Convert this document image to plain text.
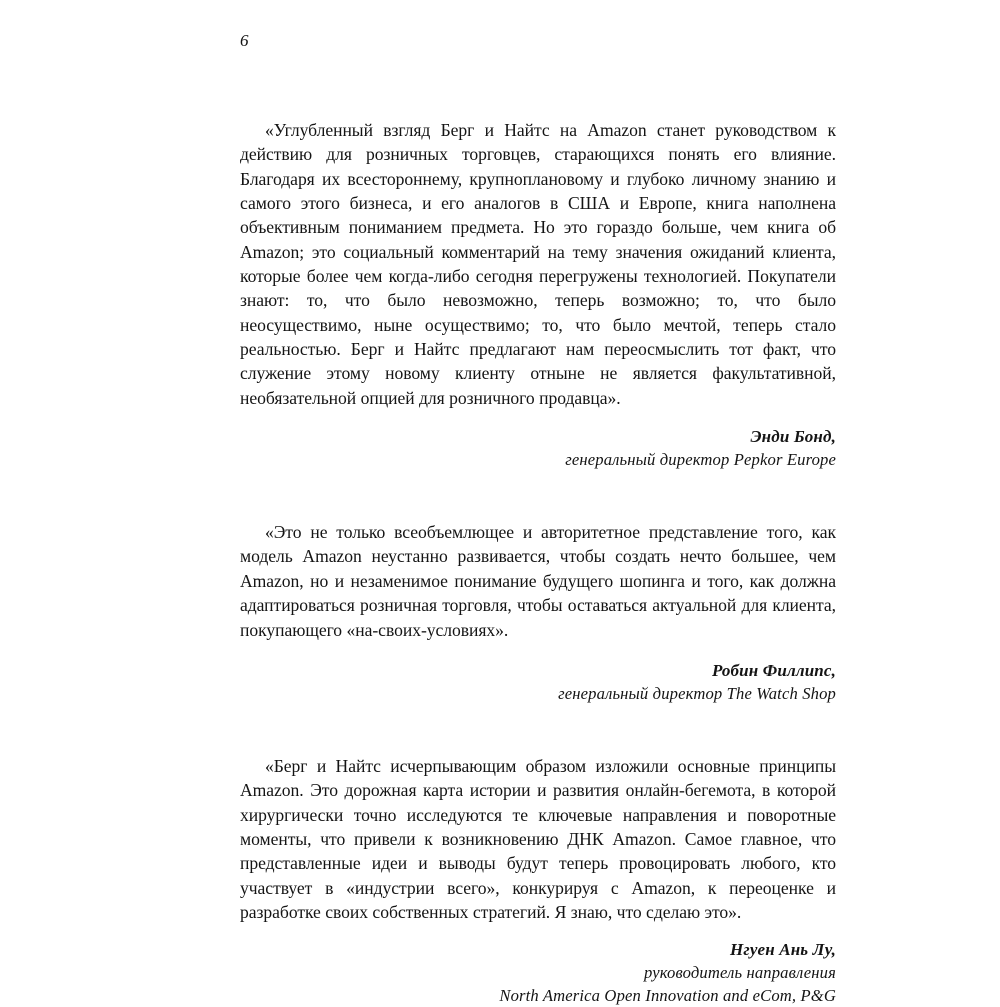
6

«Углубленный взгляд Берг и Найтс на Amazon станет руководством к действию для розничных торговцев, старающихся понять его влияние. Благодаря их всестороннему, крупноплановому и глубоко личному знанию и самого этого бизнеса, и его аналогов в США и Европе, книга наполнена объективным пониманием предмета. Но это гораздо больше, чем книга об Amazon; это социальный комментарий на тему значения ожиданий клиента, которые более чем когда-либо сегодня перегружены технологией. Покупатели знают: то, что было невозможно, теперь возможно; то, что было неосуществимо, ныне осуществимо; то, что было мечтой, теперь стало реальностью. Берг и Найтс предлагают нам переосмыслить тот факт, что служение этому новому клиенту отныне не является факультативной, необязательной опцией для розничного продавца».

Энди Бонд,
генеральный директор Pepkor Europe

«Это не только всеобъемлющее и авторитетное представление того, как модель Amazon неустанно развивается, чтобы создать нечто большее, чем Amazon, но и незаменимое понимание будущего шопинга и того, как должна адаптироваться розничная торговля, чтобы оставаться актуальной для клиента, покупающего «на-своих-условиях».

Робин Филлипс,
генеральный директор The Watch Shop

«Берг и Найтс исчерпывающим образом изложили основные принципы Amazon. Это дорожная карта истории и развития онлайн-бегемота, в которой хирургически точно исследуются те ключевые направления и поворотные моменты, что привели к возникновению ДНК Amazon. Самое главное, что представленные идеи и выводы будут теперь провоцировать любого, кто участвует в «индустрии всего», конкурируя с Amazon, к переоценке и разработке своих собственных стратегий. Я знаю, что сделаю это».

Нгуен Ань Лу,
руководитель направления
North America Open Innovation and eCom, P&G
